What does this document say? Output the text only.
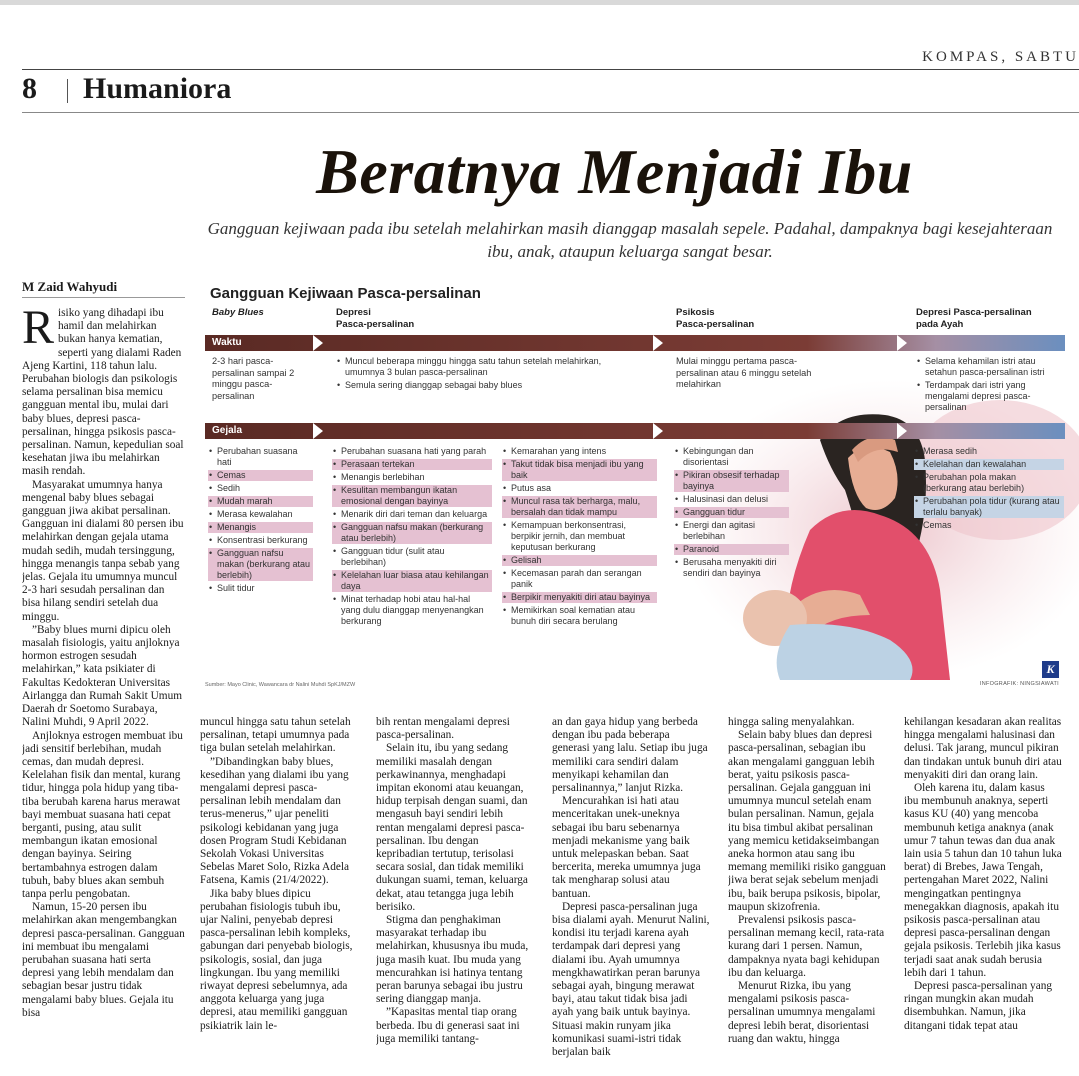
KOMPAS, SABTU
8 Humaniora
Beratnya Menjadi Ibu
Gangguan kejiwaan pada ibu setelah melahirkan masih dianggap masalah sepele. Padahal, dampaknya bagi kesejahteraan ibu, anak, ataupun keluarga sangat besar.
M Zaid Wahyudi

Risiko yang dihadapi ibu hamil dan melahirkan bukan hanya kematian, seperti yang dialami Raden Ajeng Kartini, 118 tahun lalu. Perubahan biologis dan psikologis selama persalinan bisa memicu gangguan mental ibu, mulai dari baby blues, depresi pasca-persalinan, hingga psikosis pasca-persalinan. Namun, kepedulian soal kesehatan jiwa ibu melahirkan masih rendah.

Masyarakat umumnya hanya mengenal baby blues sebagai gangguan jiwa akibat persalinan. Gangguan ini dialami 80 persen ibu melahirkan dengan gejala utama mudah sedih, mudah tersinggung, hingga menangis tanpa sebab yang jelas. Gejala itu umumnya muncul 2-3 hari sesudah persalinan dan bisa hilang sendiri setelah dua minggu.

”Baby blues murni dipicu oleh masalah fisiologis, yaitu anjloknya hormon estrogen sesudah melahirkan,” kata psikiater di Fakultas Kedokteran Universitas Airlangga dan Rumah Sakit Umum Daerah dr Soetomo Surabaya, Nalini Muhdi, 9 April 2022.

Anjloknya estrogen membuat ibu jadi sensitif berlebihan, mudah cemas, dan mudah depresi. Kelelahan fisik dan mental, kurang tidur, hingga pola hidup yang tiba-tiba berubah karena harus merawat bayi membuat suasana hati cepat berganti, pusing, atau sulit membangun ikatan emosional dengan bayinya. Seiring bertambahnya estrogen dalam tubuh, baby blues akan sembuh tanpa perlu pengobatan.

Namun, 15-20 persen ibu melahirkan akan mengembangkan depresi pasca-persalinan. Gangguan ini membuat ibu mengalami perubahan suasana hati serta depresi yang lebih mendalam dan sebagian besar justru tidak mengalami baby blues. Gejala itu bisa

muncul hingga satu tahun setelah persalinan, tetapi umumnya pada tiga bulan setelah melahirkan.

”Dibandingkan baby blues, kesedihan yang dialami ibu yang mengalami depresi pasca-persalinan lebih mendalam dan terus-menerus,” ujar peneliti psikologi kebidanan yang juga dosen Program Studi Kebidanan Sekolah Vokasi Universitas Sebelas Maret Solo, Rizka Adela Fatsena, Kamis (21/4/2022).

Jika baby blues dipicu perubahan fisiologis tubuh ibu, ujar Nalini, penyebab depresi pasca-persalinan lebih kompleks, gabungan dari penyebab biologis, psikologis, sosial, dan juga lingkungan. Ibu yang memiliki riwayat depresi sebelumnya, ada anggota keluarga yang juga depresi, atau memiliki gangguan psikiatrik lain le-

bih rentan mengalami depresi pasca-persalinan.

Selain itu, ibu yang sedang memiliki masalah dengan perkawinannya, menghadapi impitan ekonomi atau keuangan, hidup terpisah dengan suami, dan mengasuh bayi sendiri lebih rentan mengalami depresi pasca-persalinan. Ibu dengan kepribadian tertutup, terisolasi secara sosial, dan tidak memiliki dukungan suami, teman, keluarga dekat, atau tetangga juga lebih berisiko.

Stigma dan penghakiman masyarakat terhadap ibu melahirkan, khususnya ibu muda, juga masih kuat. Ibu muda yang mencurahkan isi hatinya tentang peran barunya sebagai ibu justru sering dianggap manja.

”Kapasitas mental tiap orang berbeda. Ibu di generasi saat ini juga memiliki tantang-

an dan gaya hidup yang berbeda dengan ibu pada beberapa generasi yang lalu. Setiap ibu juga memiliki cara sendiri dalam menyikapi kehamilan dan persalinannya,” lanjut Rizka.

Mencurahkan isi hati atau menceritakan unek-uneknya sebagai ibu baru sebenarnya menjadi mekanisme yang baik untuk melepaskan beban. Saat bercerita, mereka umumnya juga tak mengharap solusi atau bantuan.

Depresi pasca-persalinan juga bisa dialami ayah. Menurut Nalini, kondisi itu terjadi karena ayah terdampak dari depresi yang dialami ibu. Ayah umumnya mengkhawatirkan peran barunya sebagai ayah, bingung merawat bayi, atau takut tidak bisa jadi ayah yang baik untuk bayinya. Situasi makin runyam jika komunikasi suami-istri tidak berjalan baik

hingga saling menyalahkan.

Selain baby blues dan depresi pasca-persalinan, sebagian ibu akan mengalami gangguan lebih berat, yaitu psikosis pasca-persalinan. Gejala gangguan ini umumnya muncul setelah enam bulan persalinan. Namun, gejala itu bisa timbul akibat persalinan yang memicu ketidakseimbangan aneka hormon atau sang ibu memang memiliki risiko gangguan jiwa berat sejak sebelum menjadi ibu, baik berupa psikosis, bipolar, maupun skizofrenia.

Prevalensi psikosis pasca-persalinan memang kecil, rata-rata kurang dari 1 persen. Namun, dampaknya nyata bagi kehidupan ibu dan keluarga.

Menurut Rizka, ibu yang mengalami psikosis pasca-persalinan umumnya mengalami depresi lebih berat, disorientasi ruang dan waktu, hingga

kehilangan kesadaran akan realitas hingga mengalami halusinasi dan delusi. Tak jarang, muncul pikiran dan tindakan untuk bunuh diri atau menyakiti diri dan orang lain.

Oleh karena itu, dalam kasus ibu membunuh anaknya, seperti kasus KU (40) yang mencoba membunuh ketiga anaknya (anak umur 7 tahun tewas dan dua anak lain usia 5 tahun dan 10 tahun luka berat) di Brebes, Jawa Tengah, pertengahan Maret 2022, Nalini mengingatkan pentingnya menegakkan diagnosis, apakah itu psikosis pasca-persalinan atau depresi pasca-persalinan dengan gejala psikosis. Terlebih jika kasus terjadi saat anak sudah berusia lebih dari 1 tahun.

Depresi pasca-persalinan yang ringan mungkin akan mudah disembuhkan. Namun, jika ditangani tidak tepat atau

Gangguan Kejiwaan Pasca-persalinan
Baby Blues	Depresi
Pasca-persalinan
Psikosis
Pasca-persalinan
Depresi Pasca-persalinan
pada Ayah
Waktu
2-3 hari pasca-persalinan sampai 2 minggu pasca-persalinan
• Muncul beberapa minggu hingga satu tahun setelah melahirkan, umumnya 3 bulan pasca-persalinan
• Semula sering dianggap sebagai baby blues
Mulai minggu pertama pasca-persalinan atau 6 minggu setelah melahirkan
• Selama kehamilan istri atau setahun pasca-persalinan istri
• Terdampak dari istri yang mengalami depresi pasca-persalinan
Gejala
• Perubahan suasana hati
• Cemas
• Sedih
• Mudah marah
• Merasa kewalahan
• Menangis
• Konsentrasi berkurang
• Gangguan nafsu makan (berkurang atau berlebih)
• Sulit tidur
• Perubahan suasana hati yang parah
• Perasaan tertekan
• Menangis berlebihan
• Kesulitan membangun ikatan emosional dengan bayinya
• Menarik diri dari teman dan keluarga
• Gangguan nafsu makan (berkurang atau berlebih)
• Gangguan tidur (sulit atau berlebihan)
• Kelelahan luar biasa atau kehilangan daya
• Minat terhadap hobi atau hal-hal yang dulu dianggap menyenangkan berkurang
• Kemarahan yang intens
• Takut tidak bisa menjadi ibu yang baik
• Putus asa
• Muncul rasa tak berharga, malu, bersalah dan tidak mampu
• Kemampuan berkonsentrasi, berpikir jernih, dan membuat keputusan berkurang
• Gelisah
• Kecemasan parah dan serangan panik
• Berpikir menyakiti diri atau bayinya
• Memikirkan soal kematian atau bunuh diri secara berulang
• Kebingungan dan disorientasi
• Pikiran obsesif terhadap bayinya
• Halusinasi dan delusi
• Gangguan tidur
• Energi dan agitasi berlebihan
• Paranoid
• Berusaha menyakiti diri sendiri dan bayinya
• Merasa sedih
• Kelelahan dan kewalahan
• Perubahan pola makan (berkurang atau berlebih)
• Perubahan pola tidur (kurang atau terlalu banyak)
• Cemas
Sumber: Mayo Clinic, Wawancara dr Nalini Muhdi SpKJ/MZW
K
INFOGRAFIK: NINGSIAWATI
